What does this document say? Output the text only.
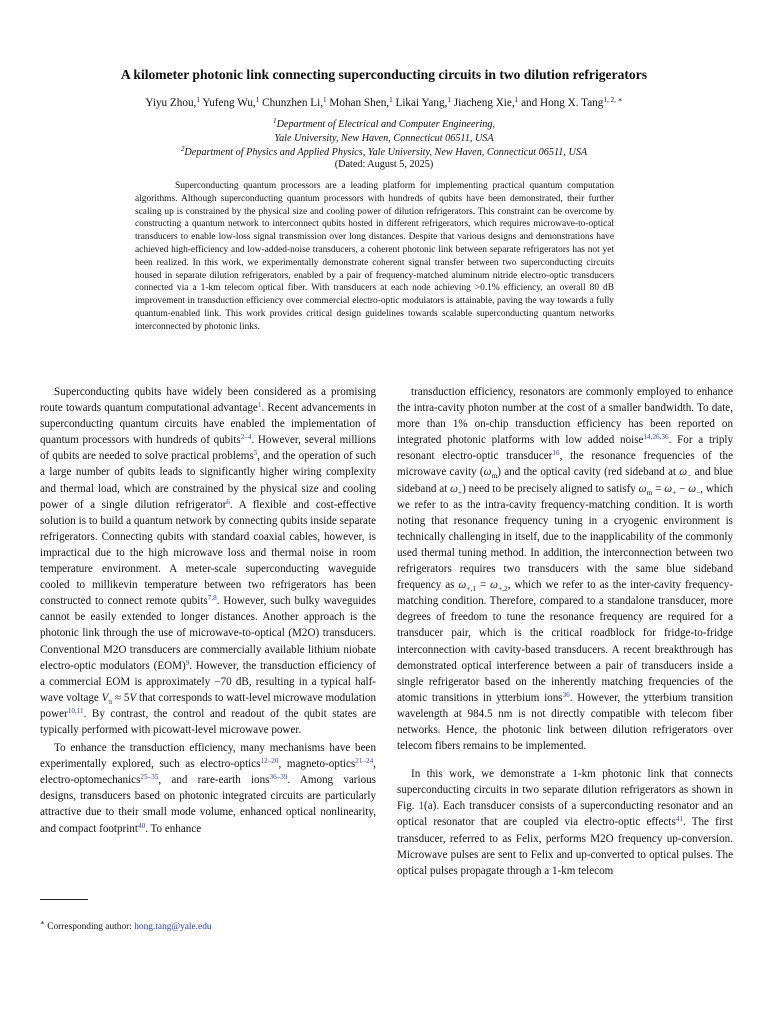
A kilometer photonic link connecting superconducting circuits in two dilution refrigerators
Yiyu Zhou,$^1$ Yufeng Wu,$^1$ Chunzhen Li,$^1$ Mohan Shen,$^1$ Likai Yang,$^1$ Jiacheng Xie,$^1$ and Hong X. Tang$^{1, 2, ∗}$
$^1$Department of Electrical and Computer Engineering,
Yale University, New Haven, Connecticut 06511, USA
$^2$Department of Physics and Applied Physics, Yale University, New Haven, Connecticut 06511, USA
(Dated: August 5, 2025)
Superconducting quantum processors are a leading platform for implementing practical quantum computation algorithms. Although superconducting quantum processors with hundreds of qubits have been demonstrated, their further scaling up is constrained by the physical size and cooling power of dilution refrigerators. This constraint can be overcome by constructing a quantum network to interconnect qubits hosted in different refrigerators, which requires microwave-to-optical transducers to enable low-loss signal transmission over long distances. Despite that various designs and demonstrations have achieved high-efficiency and low-added-noise transducers, a coherent photonic link between separate refrigerators has not yet been realized. In this work, we experimentally demonstrate coherent signal transfer between two superconducting circuits housed in separate dilution refrigerators, enabled by a pair of frequency-matched aluminum nitride electro-optic transducers connected via a 1-km telecom optical fiber. With transducers at each node achieving >0.1% efficiency, an overall 80 dB improvement in transduction efficiency over commercial electro-optic modulators is attainable, paving the way towards a fully quantum-enabled link. This work provides critical design guidelines towards scalable superconducting quantum networks interconnected by photonic links.

Superconducting qubits have widely been considered as a promising route towards quantum computational advantage$^1$. Recent advancements in superconducting quantum circuits have enabled the implementation of quantum processors with hundreds of qubits$^{2-4}$. However, several millions of qubits are needed to solve practical problems$^5$, and the operation of such a large number of qubits leads to significantly higher wiring complexity and thermal load, which are constrained by the physical size and cooling power of a single dilution refrigerator$^6$. A flexible and cost-effective solution is to build a quantum network by connecting qubits inside separate refrigerators. Connecting qubits with standard coaxial cables, however, is impractical due to the high microwave loss and thermal noise in room temperature environment. A meter-scale superconducting waveguide cooled to millikevin temperature between two refrigerators has been constructed to connect remote qubits$^{7,8}$. However, such bulky waveguides cannot be easily extended to longer distances. Another approach is the photonic link through the use of microwave-to-optical (M2O) transducers. Conventional M2O transducers are commercially available lithium niobate electro-optic modulators (EOM)$^9$. However, the transduction efficiency of a commercial EOM is approximately −70 dB, resulting in a typical half-wave voltage $V_\pi \approx 5V$ that corresponds to watt-level microwave modulation power$^{10,11}$. By contrast, the control and readout of the qubit states are typically performed with picowatt-level microwave power.

To enhance the transduction efficiency, many mechanisms have been experimentally explored, such as electro-optics$^{12-20}$, magneto-optics$^{21-24}$, electro-optomechanics$^{25-35}$, and rare-earth ions$^{36-39}$. Among various designs, transducers based on photonic integrated circuits are particularly attractive due to their small mode volume, enhanced optical nonlinearity, and compact footprint$^{40}$. To enhance

transduction efficiency, resonators are commonly employed to enhance the intra-cavity photon number at the cost of a smaller bandwidth. To date, more than 1% on-chip transduction efficiency has been reported on integrated photonic platforms with low added noise$^{14,26,36}$. For a triply resonant electro-optic transducer$^{16}$, the resonance frequencies of the microwave cavity $(\omega_m)$ and the optical cavity (red sideband at $\omega_-$ and blue sideband at $\omega_+$) need to be precisely aligned to satisfy $\omega_m = \omega_+ - \omega_-$, which we refer to as the intra-cavity frequency-matching condition. It is worth noting that resonance frequency tuning in a cryogenic environment is technically challenging in itself, due to the inapplicability of the commonly used thermal tuning method. In addition, the interconnection between two refrigerators requires two transducers with the same blue sideband frequency as $\omega_{+,1} = \omega_{+,2}$, which we refer to as the inter-cavity frequency-matching condition. Therefore, compared to a standalone transducer, more degrees of freedom to tune the resonance frequency are required for a transducer pair, which is the critical roadblock for fridge-to-fridge interconnection with cavity-based transducers. A recent breakthrough has demonstrated optical interference between a pair of transducers inside a single refrigerator based on the inherently matching frequencies of the atomic transitions in ytterbium ions$^{36}$. However, the ytterbium transition wavelength at 984.5 nm is not directly compatible with telecom fiber networks. Hence, the photonic link between dilution refrigerators over telecom fibers remains to be implemented.

In this work, we demonstrate a 1-km photonic link that connects superconducting circuits in two separate dilution refrigerators as shown in Fig. 1(a). Each transducer consists of a superconducting resonator and an optical resonator that are coupled via electro-optic effects$^{41}$. The first transducer, referred to as Felix, performs M2O frequency up-conversion. Microwave pulses are sent to Felix and up-converted to optical pulses. The optical pulses propagate through a 1-km telecom

∗ Corresponding author: hong.tang@yale.edu
